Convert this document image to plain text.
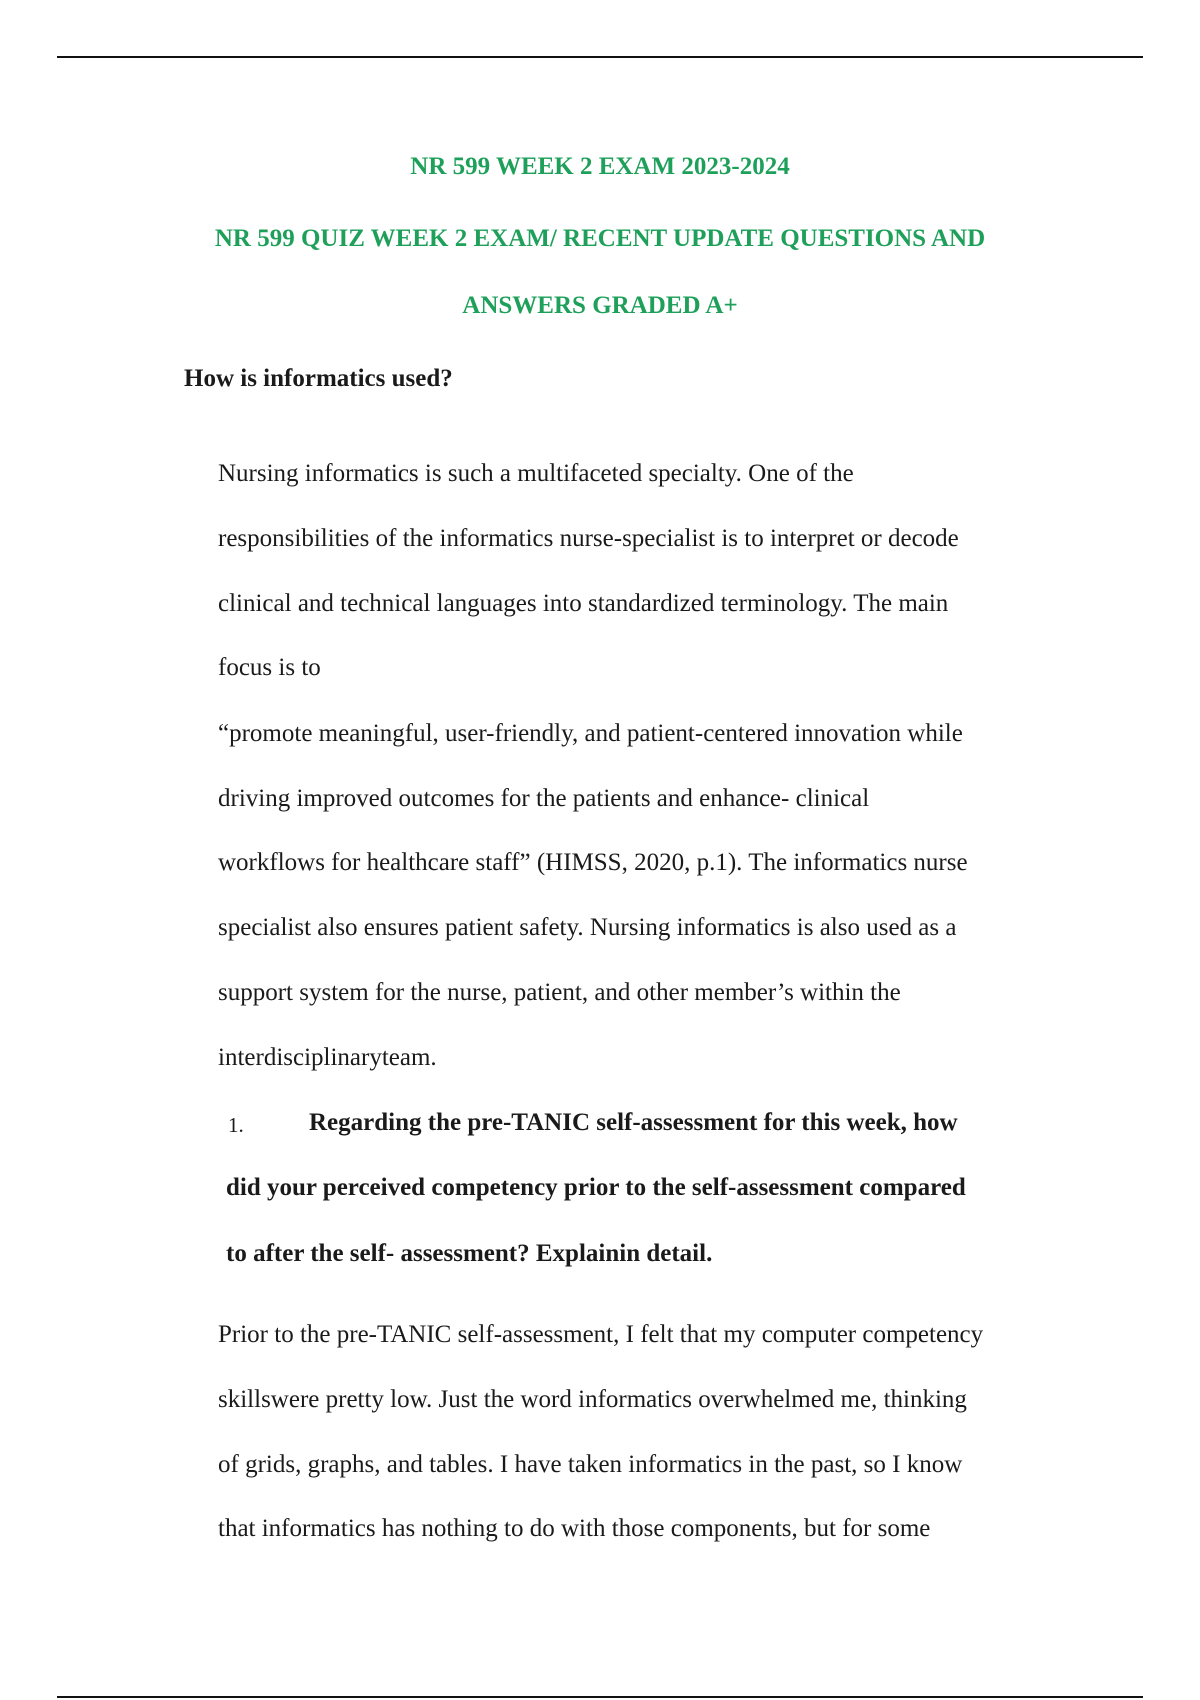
NR 599 WEEK 2 EXAM 2023-2024
NR 599 QUIZ WEEK 2 EXAM/ RECENT UPDATE QUESTIONS AND
ANSWERS GRADED A+

How is informatics used?

Nursing informatics is such a multifaceted specialty. One of the

responsibilities of the informatics nurse-specialist is to interpret or decode

clinical and technical languages into standardized terminology. The main

focus is to

“promote meaningful, user-friendly, and patient-centered innovation while

driving improved outcomes for the patients and enhance- clinical

workflows for healthcare staff” (HIMSS, 2020, p.1). The informatics nurse

specialist also ensures patient safety. Nursing informatics is also used as a

support system for the nurse, patient, and other member’s within the

interdisciplinaryteam.

1.	Regarding the pre-TANIC self-assessment for this week, how

did your perceived competency prior to the self-assessment compared

to after the self- assessment? Explainin detail.

Prior to the pre-TANIC self-assessment, I felt that my computer competency

skillswere pretty low. Just the word informatics overwhelmed me, thinking

of grids, graphs, and tables. I have taken informatics in the past, so I know

that informatics has nothing to do with those components, but for some
